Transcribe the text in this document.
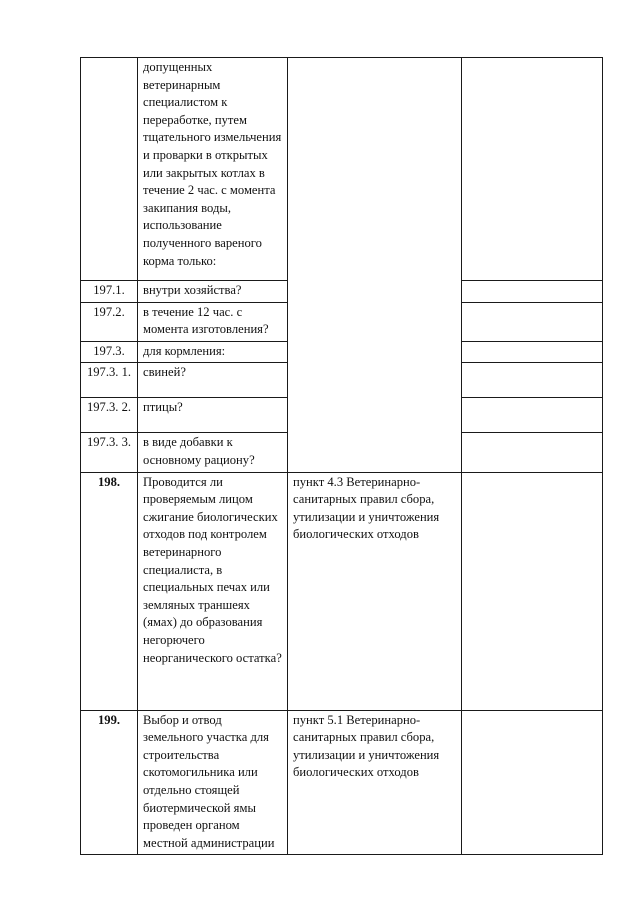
	допущенных ветеринарным специалистом к переработке, путем тщательного измельчения и проварки в открытых или закрытых котлах в течение 2 час. с момента закипания воды, использование полученного вареного корма только:		
197.1.	внутри хозяйства?		
197.2.	в течение 12 час. с момента изготовления?		
197.3.	для кормления:		
197.3. 1.	свиней?		
197.3. 2.	птицы?		
197.3. 3.	в виде добавки к основному рациону?		
198.	Проводится ли проверяемым лицом сжигание биологических отходов под контролем ветеринарного специалиста, в специальных печах или земляных траншеях (ямах) до образования негорючего неорганического остатка?	пункт 4.3 Ветеринарно-санитарных правил сбора, утилизации и уничтожения биологических отходов	
199.	Выбор и отвод земельного участка для строительства скотомогильника или отдельно стоящей биотермической ямы проведен органом местной администрации	пункт 5.1 Ветеринарно-санитарных правил сбора, утилизации и уничтожения биологических отходов	
